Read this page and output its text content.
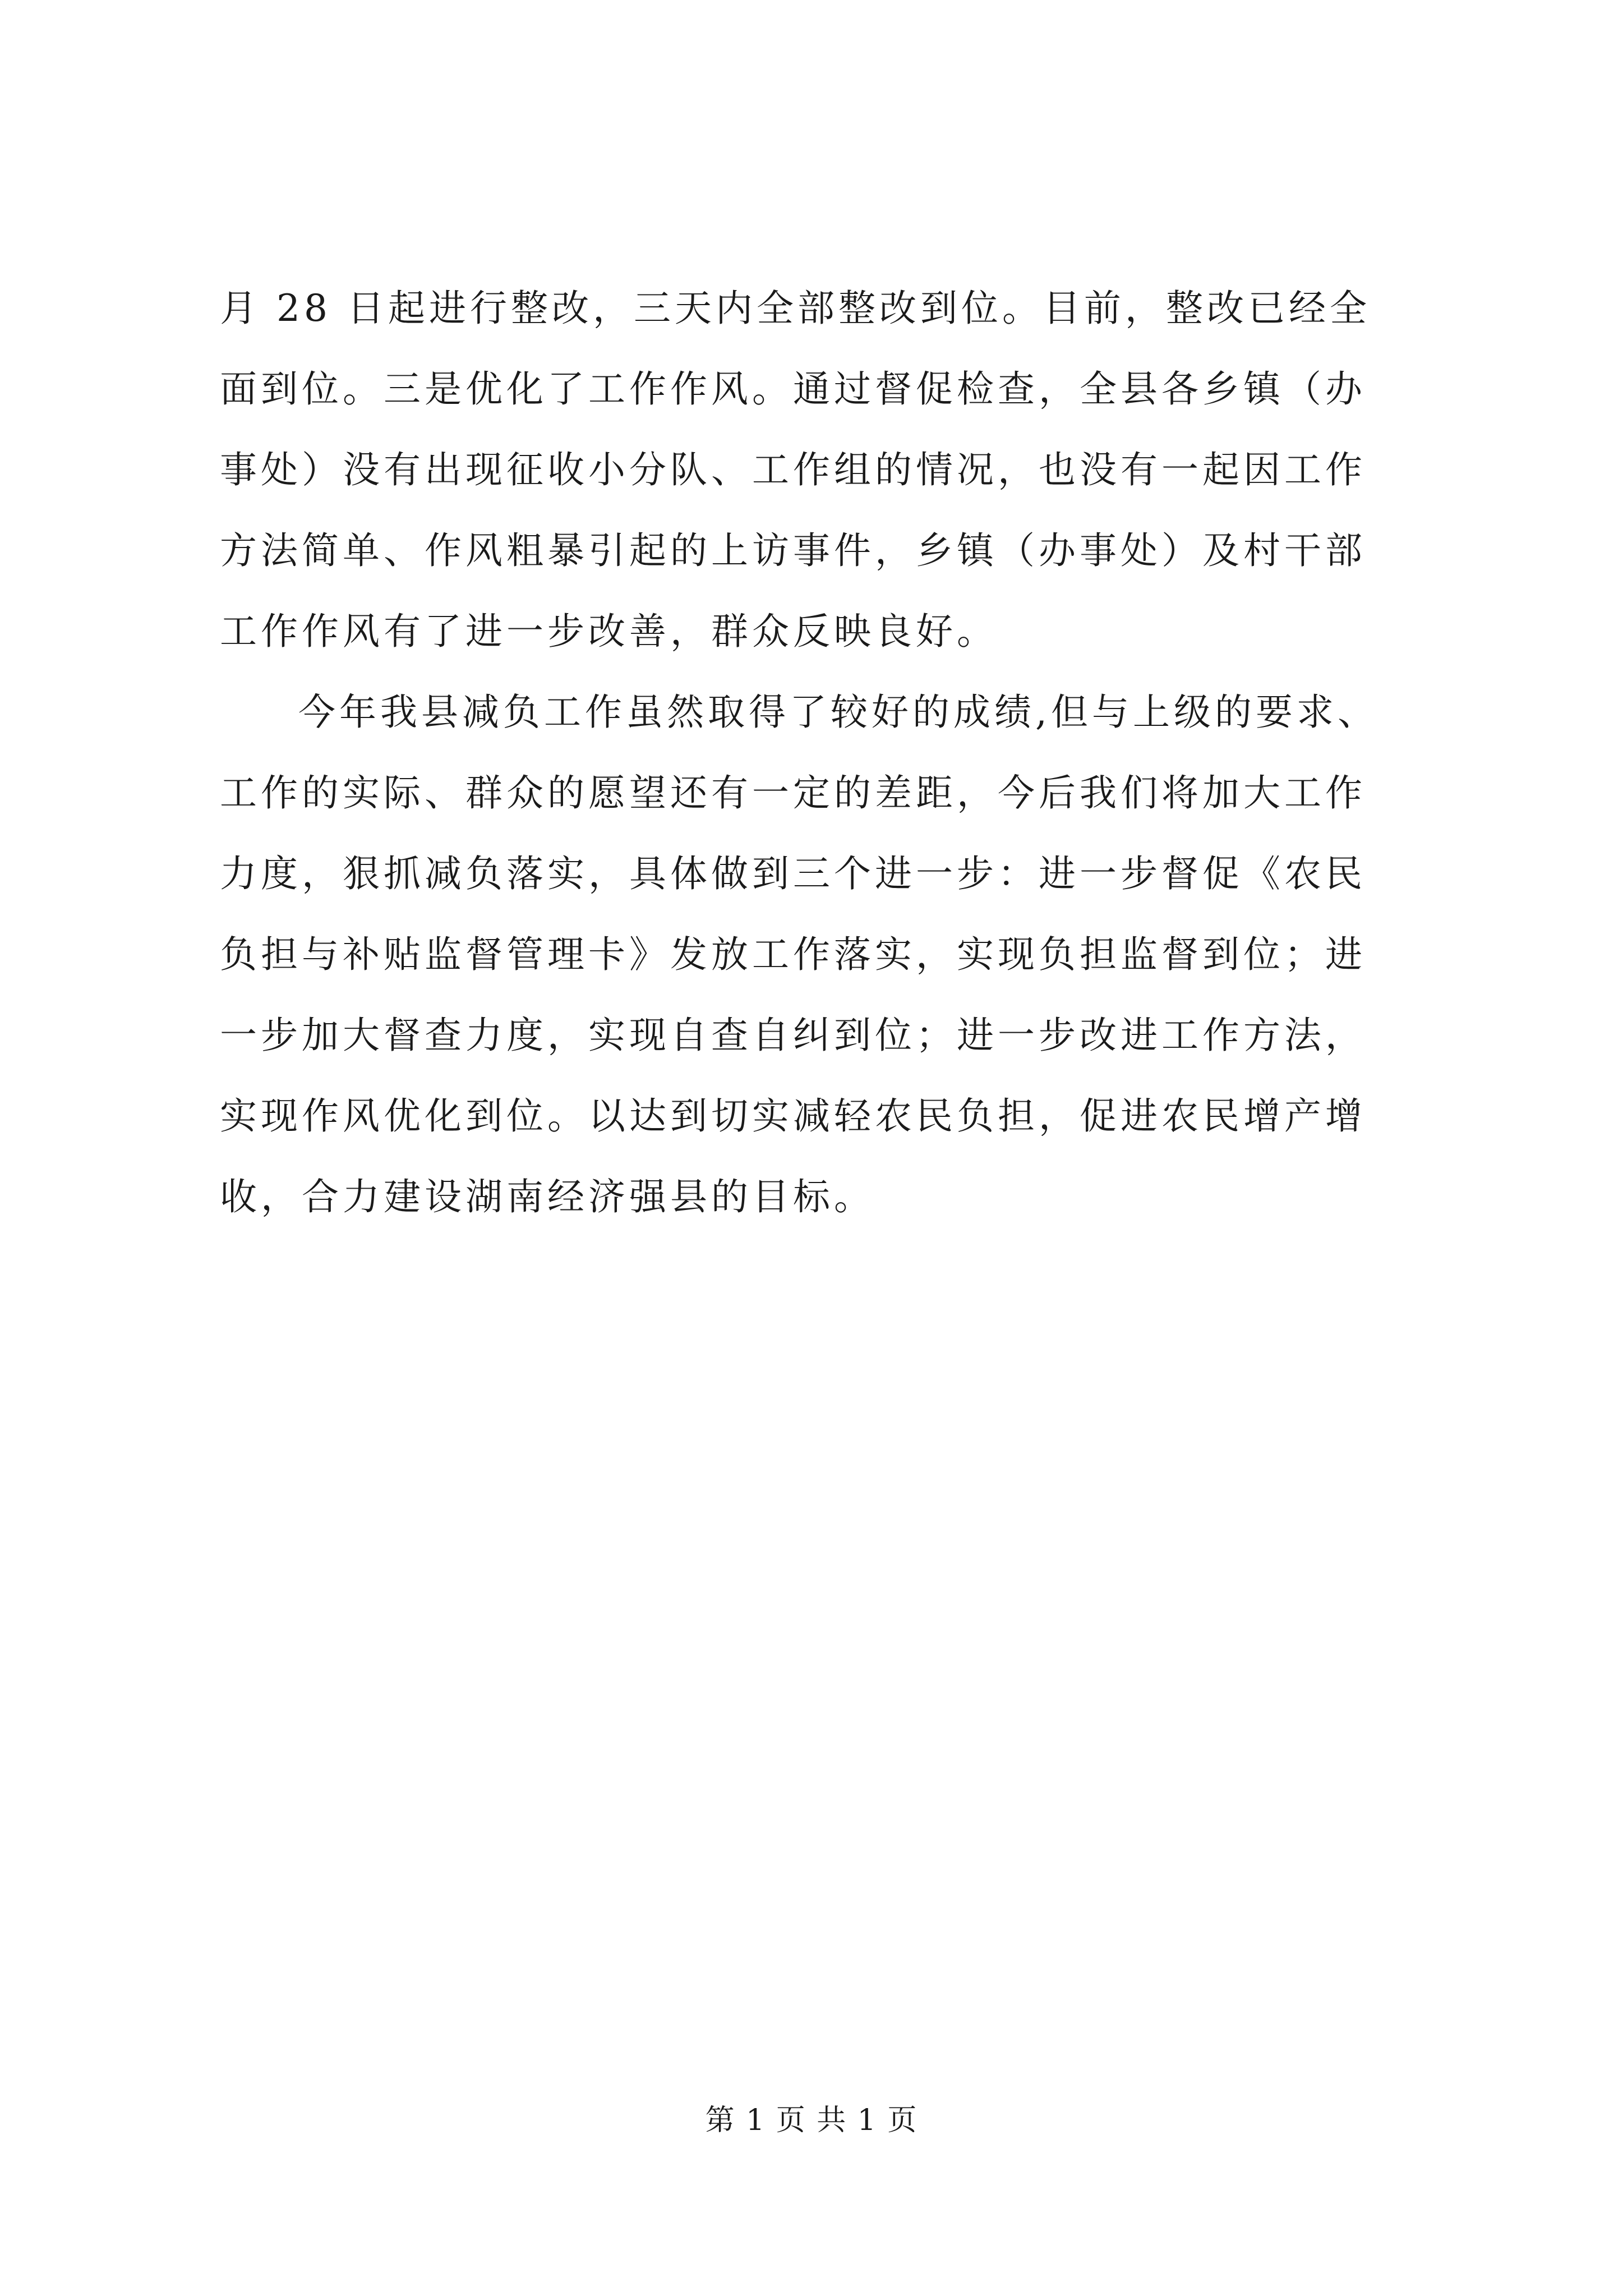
月 28 日起进行整改，三天内全部整改到位。目前，整改已经全
面到位。三是优化了工作作风。通过督促检查，全县各乡镇（办
事处）没有出现征收小分队、工作组的情况，也没有一起因工作
方法简单、作风粗暴引起的上访事件，乡镇（办事处）及村干部
工作作风有了进一步改善，群众反映良好。
今年我县减负工作虽然取得了较好的成绩,但与上级的要求、
工作的实际、群众的愿望还有一定的差距，今后我们将加大工作
力度，狠抓减负落实，具体做到三个进一步：进一步督促《农民
负担与补贴监督管理卡》发放工作落实，实现负担监督到位；进
一步加大督查力度，实现自查自纠到位；进一步改进工作方法，
实现作风优化到位。以达到切实减轻农民负担，促进农民增产增
收，合力建设湖南经济强县的目标。
第 1 页 共 1 页
